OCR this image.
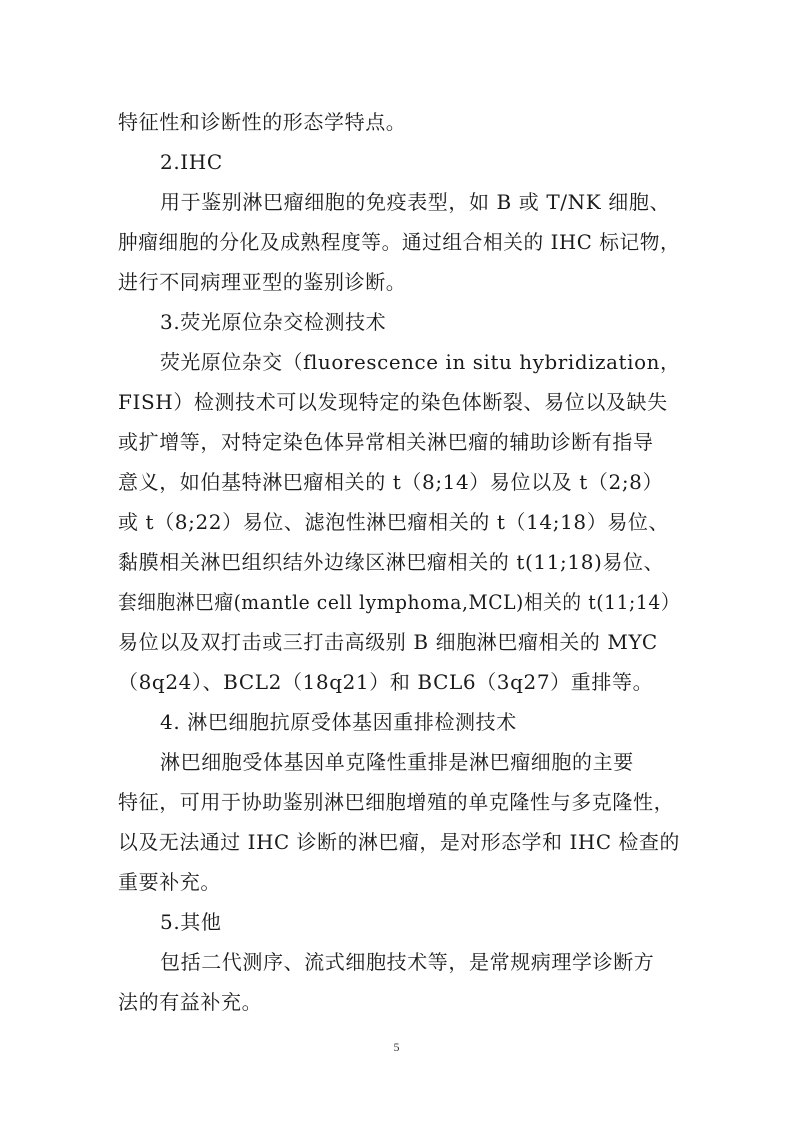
特征性和诊断性的形态学特点。
2.IHC
用于鉴别淋巴瘤细胞的免疫表型，如 B 或 T/NK 细胞、
肿瘤细胞的分化及成熟程度等。通过组合相关的 IHC 标记物，
进行不同病理亚型的鉴别诊断。
3.荧光原位杂交检测技术
荧光原位杂交（fluorescence in situ hybridization，
FISH）检测技术可以发现特定的染色体断裂、易位以及缺失
或扩增等，对特定染色体异常相关淋巴瘤的辅助诊断有指导
意义，如伯基特淋巴瘤相关的 t（8;14）易位以及 t（2;8）
或 t（8;22）易位、滤泡性淋巴瘤相关的 t（14;18）易位、
黏膜相关淋巴组织结外边缘区淋巴瘤相关的 t(11;18)易位、
套细胞淋巴瘤(mantle cell lymphoma,MCL)相关的 t(11;14）
易位以及双打击或三打击高级别 B 细胞淋巴瘤相关的 MYC
（8q24）、BCL2（18q21）和 BCL6（3q27）重排等。
4. 淋巴细胞抗原受体基因重排检测技术
淋巴细胞受体基因单克隆性重排是淋巴瘤细胞的主要
特征，可用于协助鉴别淋巴细胞增殖的单克隆性与多克隆性，
以及无法通过 IHC 诊断的淋巴瘤，是对形态学和 IHC 检查的
重要补充。
5.其他
包括二代测序、流式细胞技术等，是常规病理学诊断方
法的有益补充。
5
